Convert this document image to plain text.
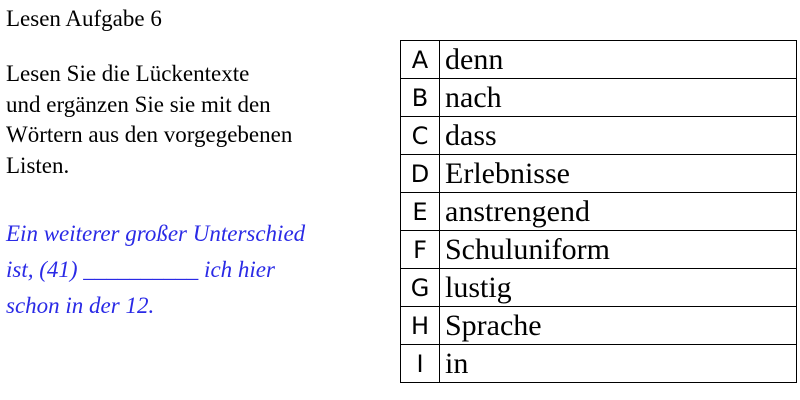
Lesen Aufgabe 6

Lesen Sie die Lückentexte
und ergänzen Sie sie mit den
Wörtern aus den vorgegebenen
Listen.

Ein weiterer großer Unterschied
ist, (41) __________ ich hier
schon in der 12.

A	denn
B	nach
C	dass
D	Erlebnisse
E	anstrengend
F	Schuluniform
G	lustig
H	Sprache
I	in
